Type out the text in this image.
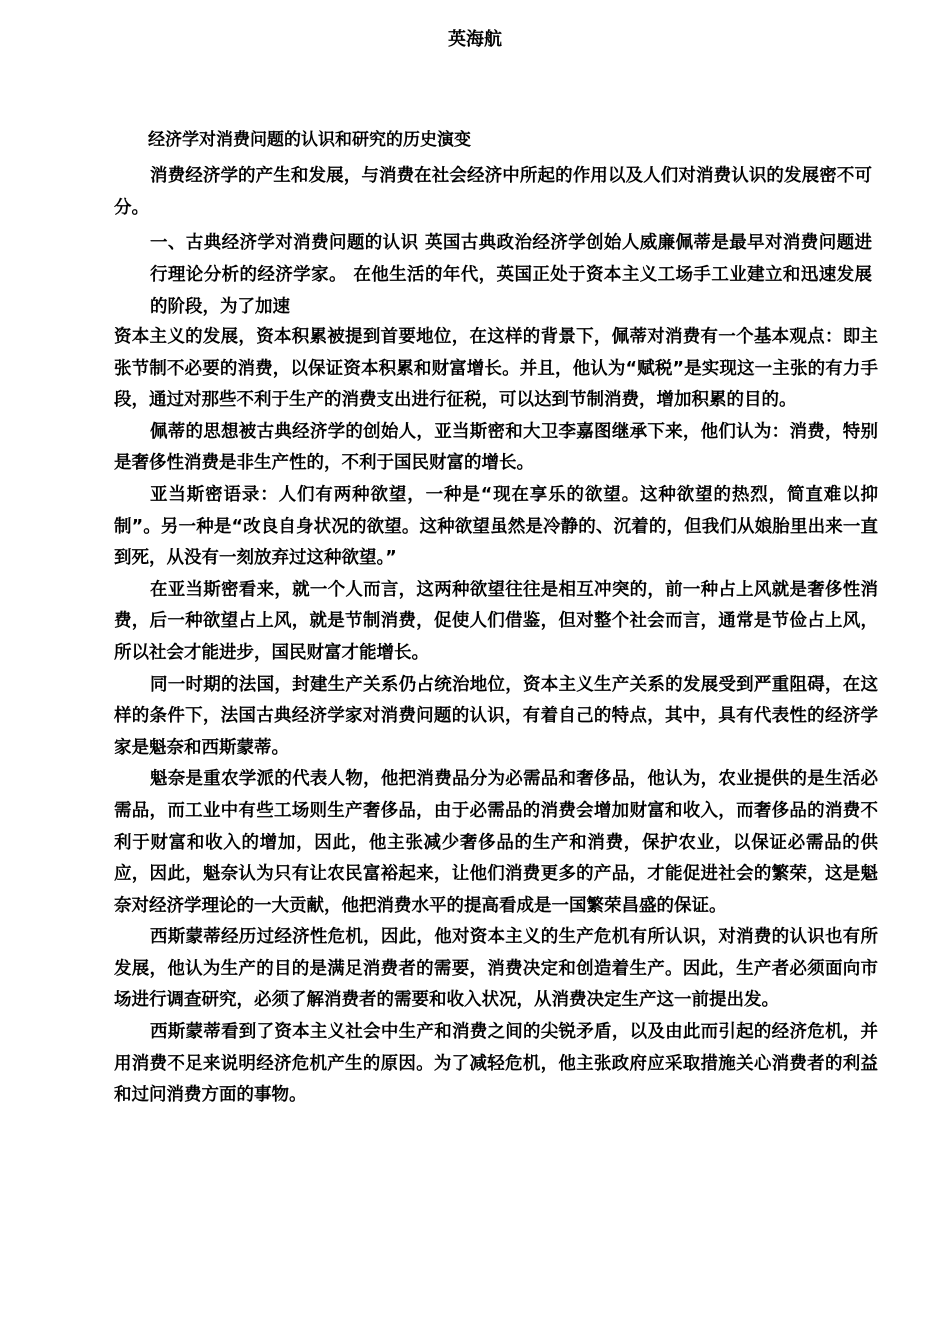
英海航
经济学对消费问题的认识和研究的历史演变
消费经济学的产生和发展，与消费在社会经济中所起的作用以及人们对消费认识的发展密不可分。
一、古典经济学对消费问题的认识 英国古典政治经济学创始人威廉佩蒂是最早对消费问题进行理论分析的经济学家。 在他生活的年代，英国正处于资本主义工场手工业建立和迅速发展的阶段，为了加速

资本主义的发展，资本积累被提到首要地位，在这样的背景下，佩蒂对消费有一个基本观点：即主张节制不必要的消费，以保证资本积累和财富增长。并且，他认为“赋税”是实现这一主张的有力手段，通过对那些不利于生产的消费支出进行征税，可以达到节制消费，增加积累的目的。

佩蒂的思想被古典经济学的创始人，亚当斯密和大卫李嘉图继承下来，他们认为：消费，特别是奢侈性消费是非生产性的，不利于国民财富的增长。

亚当斯密语录：人们有两种欲望，一种是“现在享乐的欲望。这种欲望的热烈，简直难以抑制”。另一种是“改良自身状况的欲望。这种欲望虽然是冷静的、沉着的，但我们从娘胎里出来一直到死，从没有一刻放弃过这种欲望。”

在亚当斯密看来，就一个人而言，这两种欲望往往是相互冲突的，前一种占上风就是奢侈性消费，后一种欲望占上风，就是节制消费，促使人们借鉴，但对整个社会而言，通常是节俭占上风，所以社会才能进步，国民财富才能增长。

同一时期的法国，封建生产关系仍占统治地位，资本主义生产关系的发展受到严重阻碍，在这样的条件下，法国古典经济学家对消费问题的认识，有着自己的特点，其中，具有代表性的经济学家是魁奈和西斯蒙蒂。

魁奈是重农学派的代表人物，他把消费品分为必需品和奢侈品，他认为，农业提供的是生活必需品，而工业中有些工场则生产奢侈品，由于必需品的消费会增加财富和收入，而奢侈品的消费不利于财富和收入的增加，因此，他主张减少奢侈品的生产和消费，保护农业，以保证必需品的供应，因此，魁奈认为只有让农民富裕起来，让他们消费更多的产品，才能促进社会的繁荣，这是魁奈对经济学理论的一大贡献，他把消费水平的提高看成是一国繁荣昌盛的保证。

西斯蒙蒂经历过经济性危机，因此，他对资本主义的生产危机有所认识，对消费的认识也有所发展，他认为生产的目的是满足消费者的需要，消费决定和创造着生产。因此，生产者必须面向市场进行调查研究，必须了解消费者的需要和收入状况，从消费决定生产这一前提出发。

西斯蒙蒂看到了资本主义社会中生产和消费之间的尖锐矛盾，以及由此而引起的经济危机，并用消费不足来说明经济危机产生的原因。为了减轻危机，他主张政府应采取措施关心消费者的利益和过问消费方面的事物。
